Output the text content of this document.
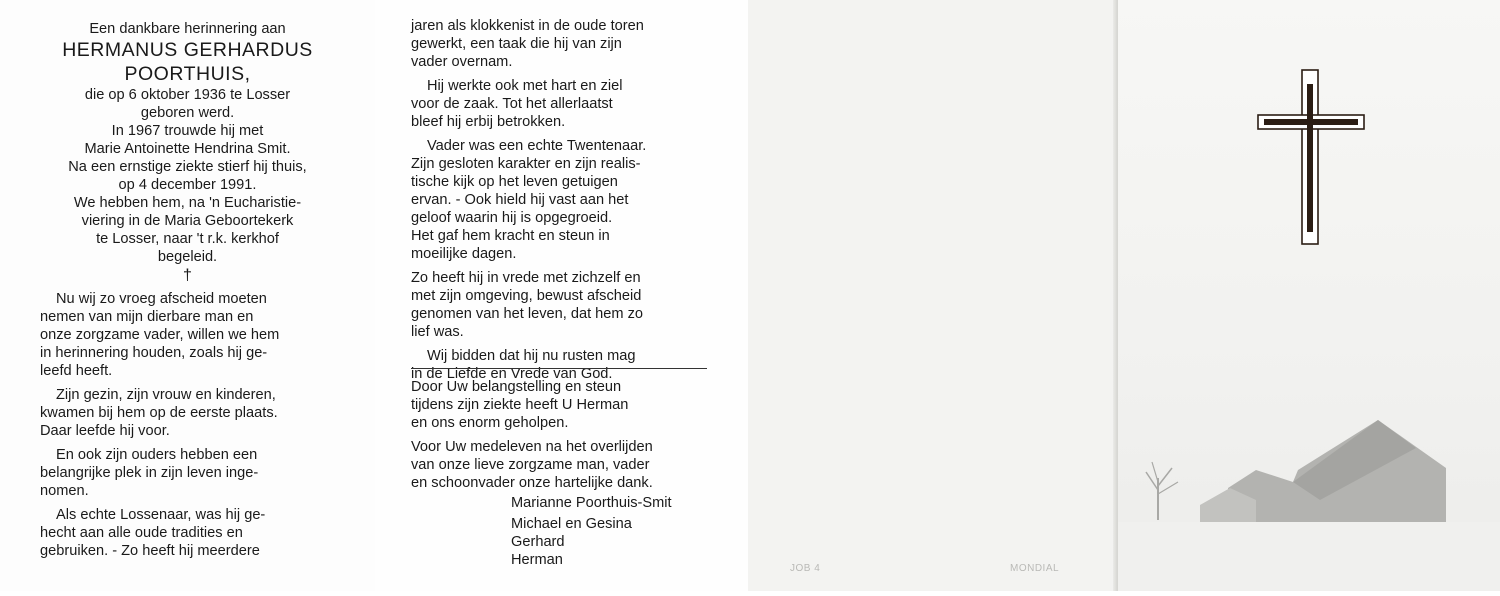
Een dankbare herinnering aan
HERMANUS GERHARDUS
POORTHUIS,
die op 6 oktober 1936 te Losser
geboren werd.
In 1967 trouwde hij met
Marie Antoinette Hendrina Smit.
Na een ernstige ziekte stierf hij thuis,
op 4 december 1991.
We hebben hem, na 'n Eucharistie-
viering in de Maria Geboortekerk
te Losser, naar 't r.k. kerkhof
begeleid.
†
Nu wij zo vroeg afscheid moeten
nemen van mijn dierbare man en
onze zorgzame vader, willen we hem
in herinnering houden, zoals hij ge-
leefd heeft.
Zijn gezin, zijn vrouw en kinderen,
kwamen bij hem op de eerste plaats.
Daar leefde hij voor.
En ook zijn ouders hebben een
belangrijke plek in zijn leven inge-
nomen.
Als echte Lossenaar, was hij ge-
hecht aan alle oude tradities en
gebruiken. - Zo heeft hij meerdere
jaren als klokkenist in de oude toren
gewerkt, een taak die hij van zijn
vader overnam.
Hij werkte ook met hart en ziel
voor de zaak. Tot het allerlaatst
bleef hij erbij betrokken.
Vader was een echte Twentenaar.
Zijn gesloten karakter en zijn realis-
tische kijk op het leven getuigen
ervan. - Ook hield hij vast aan het
geloof waarin hij is opgegroeid.
Het gaf hem kracht en steun in
moeilijke dagen.
Zo heeft hij in vrede met zichzelf en
met zijn omgeving, bewust afscheid
genomen van het leven, dat hem zo
lief was.
Wij bidden dat hij nu rusten mag
in de Liefde en Vrede van God.
Door Uw belangstelling en steun
tijdens zijn ziekte heeft U Herman
en ons enorm geholpen.
Voor Uw medeleven na het overlijden
van onze lieve zorgzame man, vader
en schoonvader onze hartelijke dank.
Marianne Poorthuis-Smit
Michael en Gesina
Gerhard
Herman
JOB 4	MONDIAL
